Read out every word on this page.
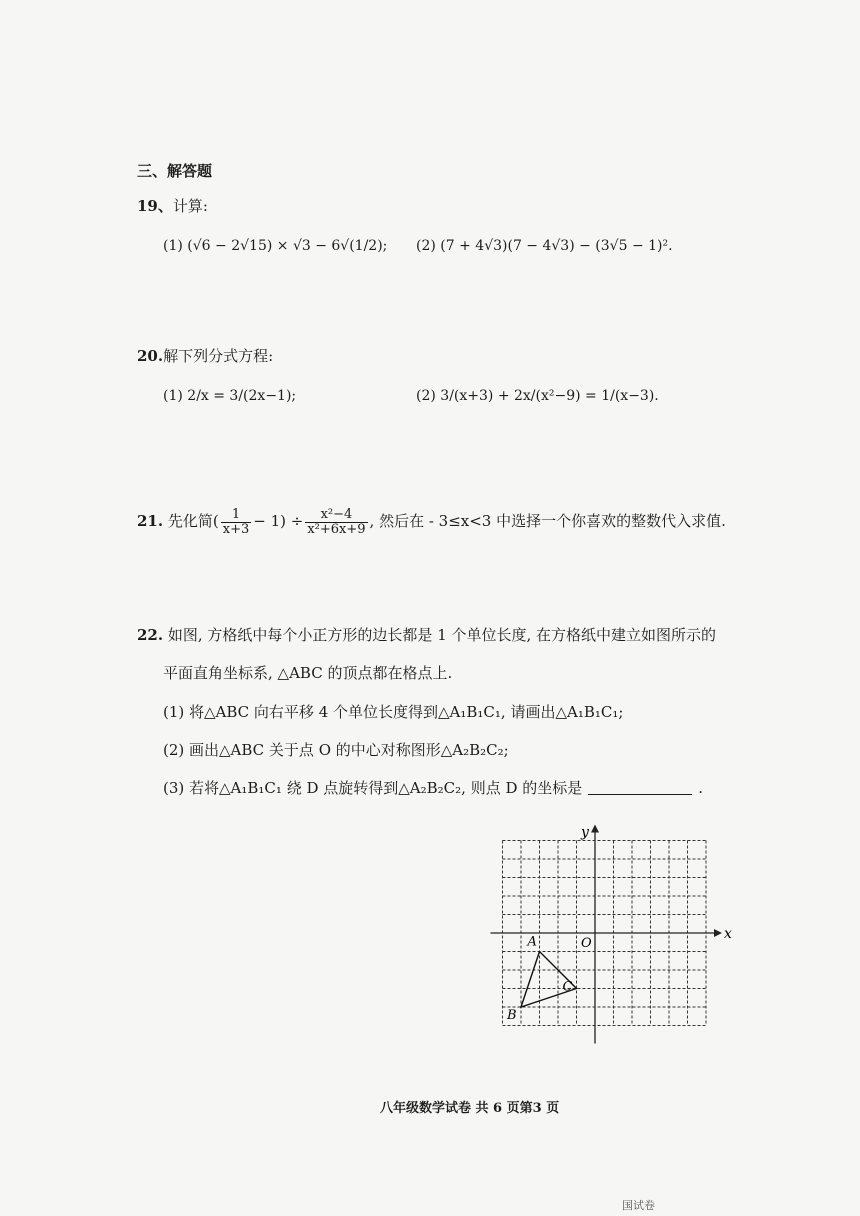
三、解答题
19、计算:
(1) (√6 − 2√15) × √3 − 6√(1/2); (2) (7 + 4√3)(7 − 4√3) − (3√5 − 1)².
20.解下列分式方程:
(1) 2/x = 3/(2x−1);	(2) 3/(x+3) + 2x/(x²−9) = 1/(x−3).
21. 先化简( $\frac{1}{x+3} - 1) \div \frac{\text{x²−4}}{\text{x²+6x+9}}$ , 然后在 - 3≤x<3 中选择一个你喜欢的整数代入求值.
22. 如图, 方格纸中每个小正方形的边长都是 1 个单位长度, 在方格纸中建立如图所示的
平面直角坐标系, △ABC 的顶点都在格点上.
(1) 将△ABC 向右平移 4 个单位长度得到△A₁B₁C₁, 请画出△A₁B₁C₁;
(2) 画出△ABC 关于点 O 的中心对称图形△A₂B₂C₂;
(3) 若将△A₁B₁C₁ 绕 D 点旋转得到△A₂B₂C₂, 则点 D 的坐标是	.
x
y
O
A
B
C
八年级数学试卷 共 6 页第3 页
国试卷
